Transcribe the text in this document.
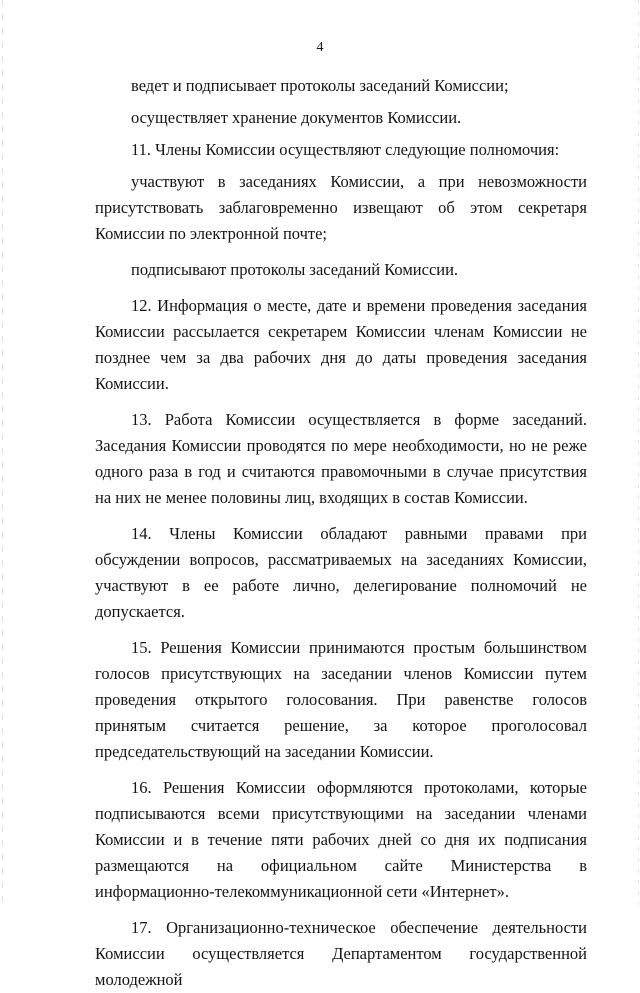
4

ведет и подписывает протоколы заседаний Комиссии;

осуществляет хранение документов Комиссии.

11. Члены Комиссии осуществляют следующие полномочия:

участвуют в заседаниях Комиссии, а при невозможности присутствовать заблаговременно извещают об этом секретаря Комиссии по электронной почте;

подписывают протоколы заседаний Комиссии.

12. Информация о месте, дате и времени проведения заседания Комиссии рассылается секретарем Комиссии членам Комиссии не позднее чем за два рабочих дня до даты проведения заседания Комиссии.

13. Работа Комиссии осуществляется в форме заседаний. Заседания Комиссии проводятся по мере необходимости, но не реже одного раза в год и считаются правомочными в случае присутствия на них не менее половины лиц, входящих в состав Комиссии.

14. Члены Комиссии обладают равными правами при обсуждении вопросов, рассматриваемых на заседаниях Комиссии, участвуют в ее работе лично, делегирование полномочий не допускается.

15. Решения Комиссии принимаются простым большинством голосов присутствующих на заседании членов Комиссии путем проведения открытого голосования. При равенстве голосов принятым считается решение, за которое проголосовал председательствующий на заседании Комиссии.

16. Решения Комиссии оформляются протоколами, которые подписываются всеми присутствующими на заседании членами Комиссии и в течение пяти рабочих дней со дня их подписания размещаются на официальном сайте Министерства в информационно-телекоммуникационной сети «Интернет».

17. Организационно-техническое обеспечение деятельности Комиссии осуществляется Департаментом государственной молодежной
